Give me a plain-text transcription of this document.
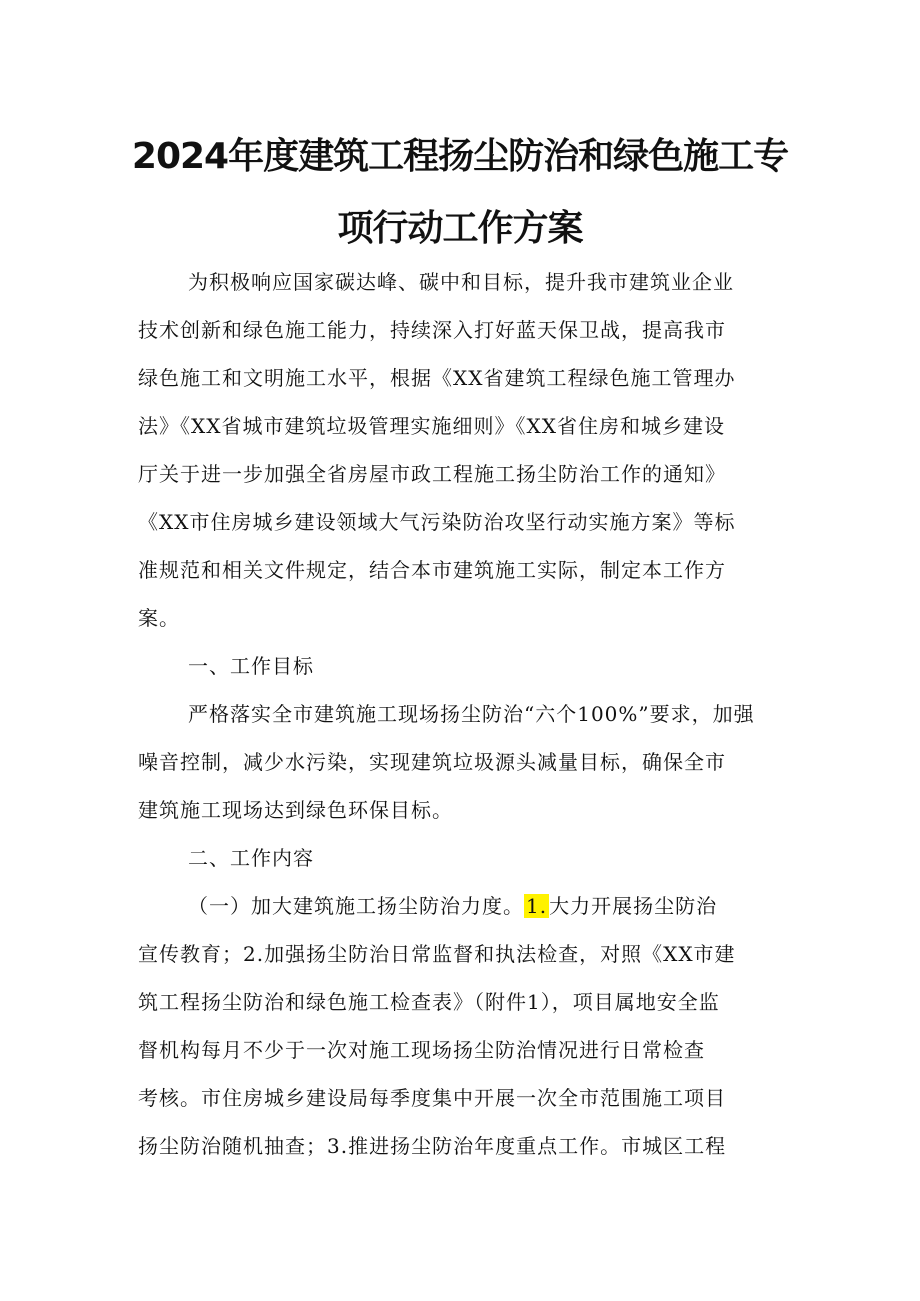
2024年度建筑工程扬尘防治和绿色施工专
项行动工作方案
为积极响应国家碳达峰、碳中和目标，提升我市建筑业企业
技术创新和绿色施工能力，持续深入打好蓝天保卫战，提高我市
绿色施工和文明施工水平，根据《XX省建筑工程绿色施工管理办
法》《XX省城市建筑垃圾管理实施细则》《XX省住房和城乡建设
厅关于进一步加强全省房屋市政工程施工扬尘防治工作的通知》
《XX市住房城乡建设领域大气污染防治攻坚行动实施方案》等标
准规范和相关文件规定，结合本市建筑施工实际，制定本工作方
案。
一、工作目标
严格落实全市建筑施工现场扬尘防治“六个100%”要求，加强
噪音控制，减少水污染，实现建筑垃圾源头减量目标，确保全市
建筑施工现场达到绿色环保目标。
二、工作内容
（一）加大建筑施工扬尘防治力度。 1. 大力开展扬尘防治
宣传教育；2.加强扬尘防治日常监督和执法检查，对照《XX市建
筑工程扬尘防治和绿色施工检查表》（附件1），项目属地安全监
督机构每月不少于一次对施工现场扬尘防治情况进行日常检查
考核。市住房城乡建设局每季度集中开展一次全市范围施工项目
扬尘防治随机抽查；3.推进扬尘防治年度重点工作。市城区工程
